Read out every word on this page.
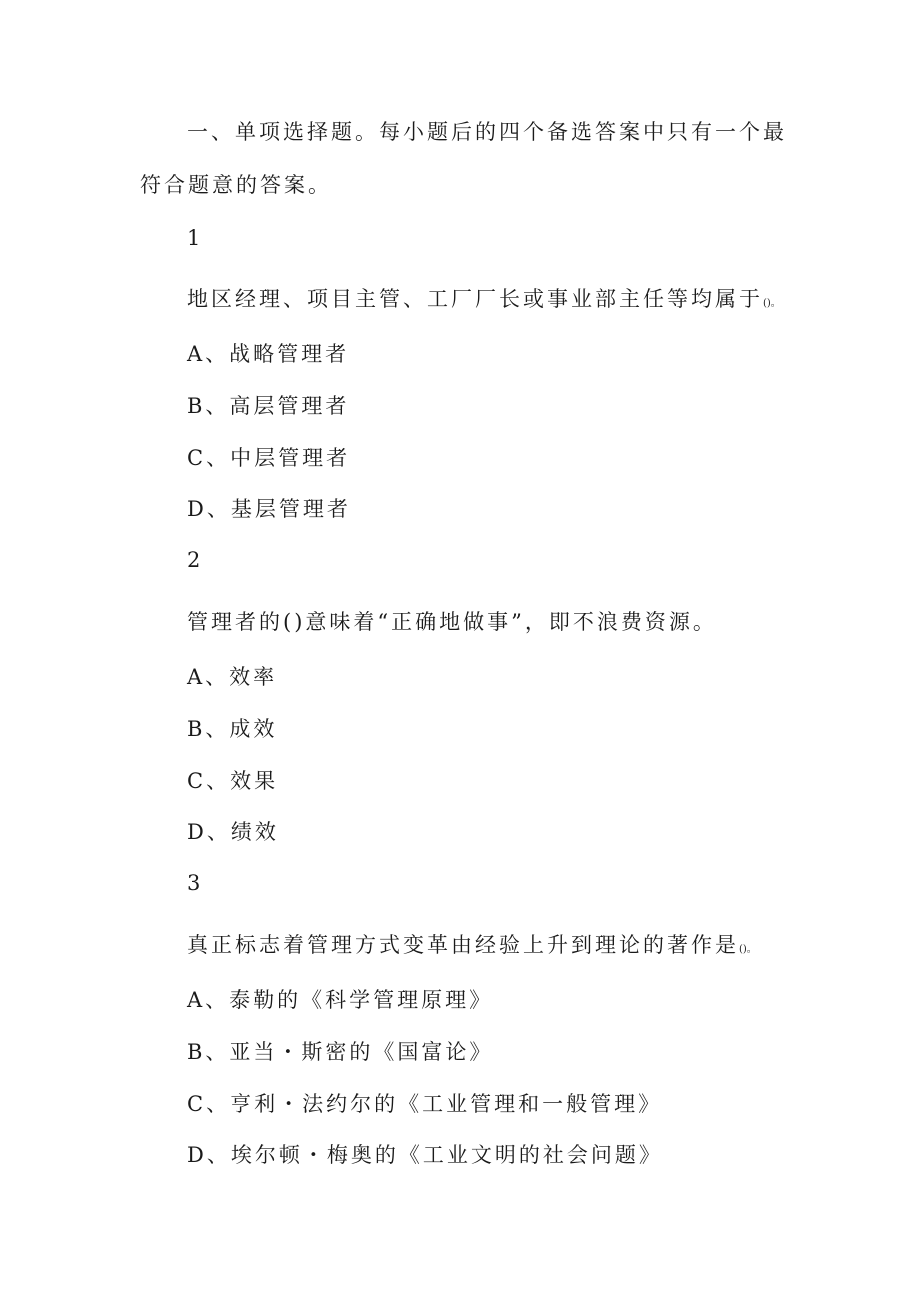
一、单项选择题。每小题后的四个备选答案中只有一个最
符合题意的答案。
1
地区经理、项目主管、工厂厂长或事业部主任等均属于()。
A、战略管理者
B、高层管理者
C、中层管理者
D、基层管理者
2
管理者的()意味着“正确地做事”，即不浪费资源。
A、效率
B、成效
C、效果
D、绩效
3
真正标志着管理方式变革由经验上升到理论的著作是()。
A、泰勒的《科学管理原理》
B、亚当・斯密的《国富论》
C、亨利・法约尔的《工业管理和一般管理》
D、埃尔顿・梅奥的《工业文明的社会问题》
